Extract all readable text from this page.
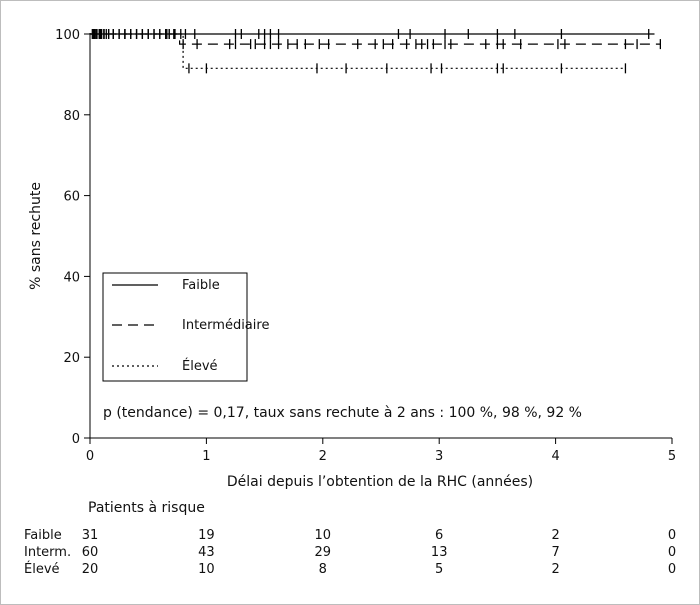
0
20
40
60
80
100
0	1	2	3	4	5
% sans rechute
Délai depuis l’obtention de la RHC (années)
Faible
Intermédiaire
Élevé
p (tendance) = 0,17, taux sans rechute à 2 ans : 100 %, 98 %, 92 %
Patients à risque
Faible 31	19	10	6	2	0
Interm. 60	43	29	13	7	0
Élevé 20	10	8	5	2	0
